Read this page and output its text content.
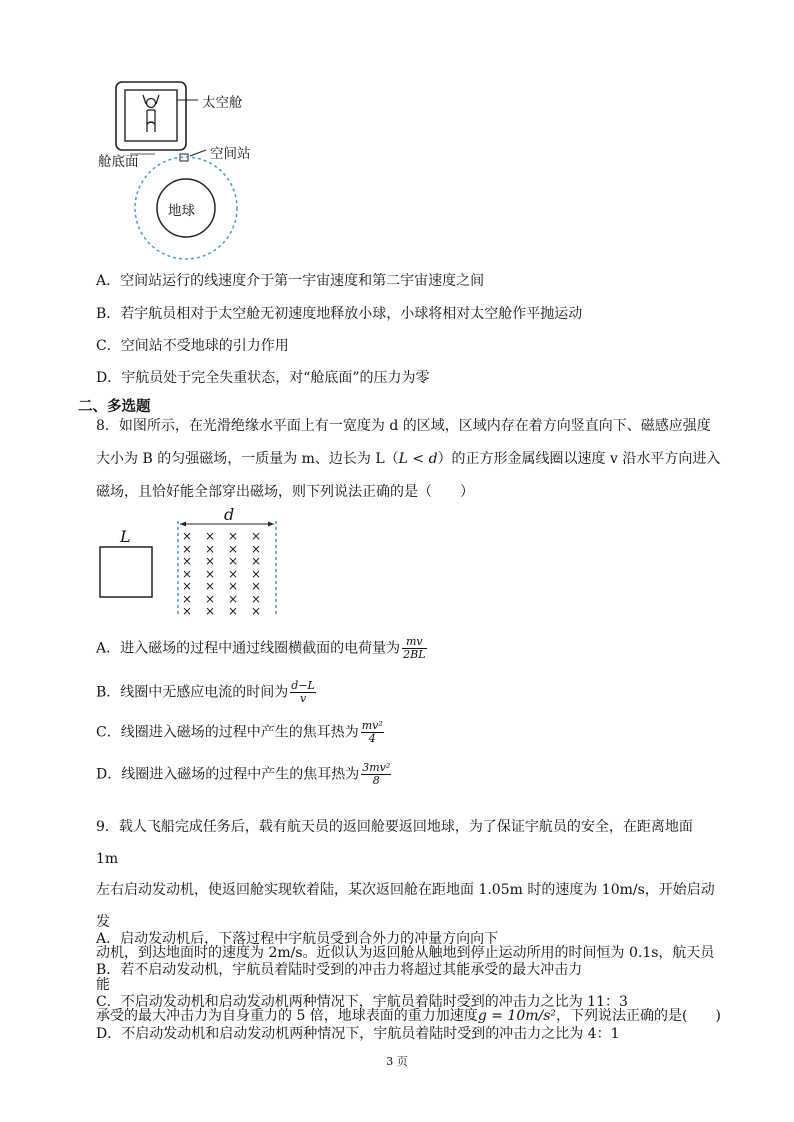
太空舱
空间站
舱底面
地球
A．空间站运行的线速度介于第一宇宙速度和第二宇宙速度之间
B．若宇航员相对于太空舱无初速度地释放小球，小球将相对太空舱作平抛运动
C．空间站不受地球的引力作用
D．宇航员处于完全失重状态，对“舱底面”的压力为零
二、多选题
8．如图所示，在光滑绝缘水平面上有一宽度为 d 的区域，区域内存在着方向竖直向下、磁感应强度
大小为 B 的匀强磁场，一质量为 m、边长为 L（L < d）的正方形金属线圈以速度 v 沿水平方向进入
磁场，且恰好能全部穿出磁场，则下列说法正确的是（　　）
L
d
× × × ×
× × × ×
× × × ×
× × × ×
× × × ×
× × × ×
× × × ×
A．进入磁场的过程中通过线圈横截面的电荷量为 $\frac{mv}{2BL}$
B．线圈中无感应电流的时间为 $\frac{d-L}{v}$
C．线圈进入磁场的过程中产生的焦耳热为 $\frac{\text{mv²}}{4}$
D．线圈进入磁场的过程中产生的焦耳热为 $\frac{\text{3mv²}}{8}$
9．载人飞船完成任务后，载有航天员的返回舱要返回地球，为了保证宇航员的安全，在距离地面 1m
左右启动发动机，使返回舱实现软着陆，某次返回舱在距地面 1.05m 时的速度为 10m/s，开始启动发
动机，到达地面时的速度为 2m/s。近似认为返回舱从触地到停止运动所用的时间恒为 0.1s，航天员能
承受的最大冲击力为自身重力的 5 倍，地球表面的重力加速度g = 10m/s²，下列说法正确的是(　　)
A．启动发动机后，下落过程中宇航员受到合外力的冲量方向向下
B．若不启动发动机，宇航员着陆时受到的冲击力将超过其能承受的最大冲击力
C．不启动发动机和启动发动机两种情况下，宇航员着陆时受到的冲击力之比为 11：3
D．不启动发动机和启动发动机两种情况下，宇航员着陆时受到的冲击力之比为 4：1
3 页
